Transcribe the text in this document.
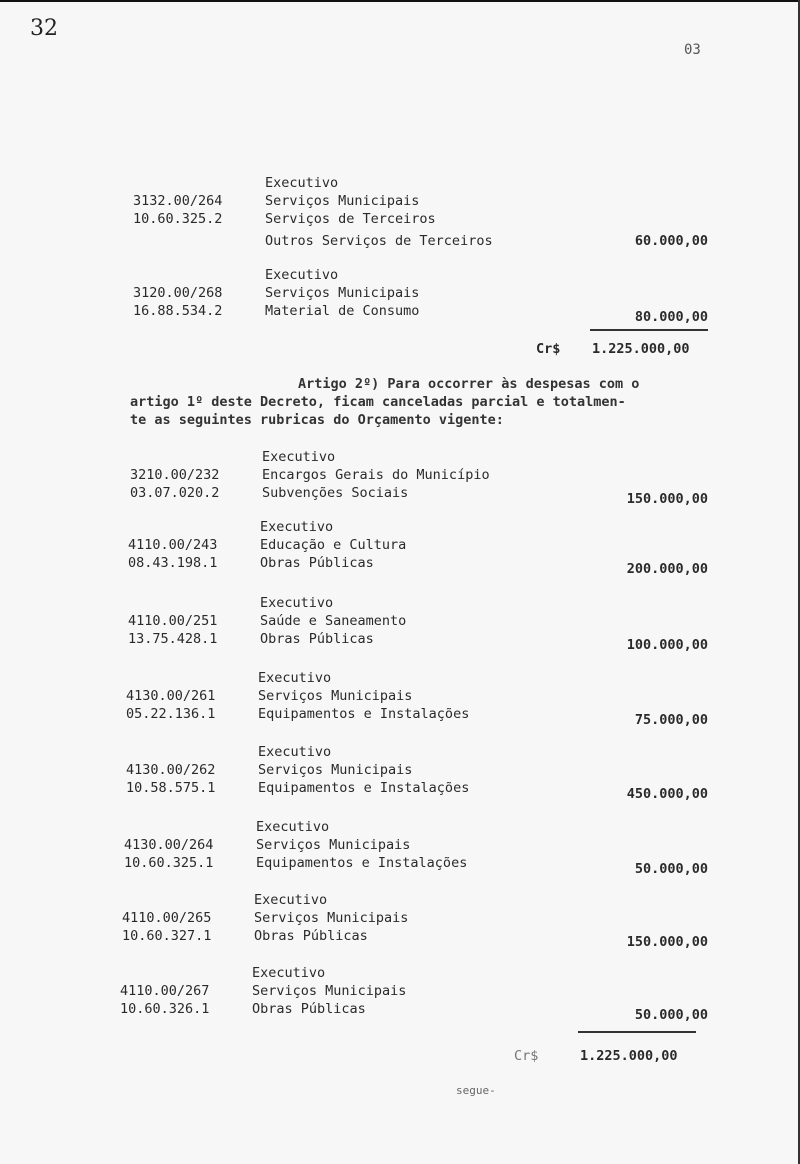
32
03
Executivo
3132.00/264	Serviços Municipais
10.60.325.2	Serviços de Terceiros
Outros Serviços de Terceiros	60.000,00
Executivo
3120.00/268	Serviços Municipais
16.88.534.2	Material de Consumo	80.000,00
Cr$ 1.225.000,00
Artigo 2º) Para occorrer às despesas com o
artigo 1º deste Decreto, ficam canceladas parcial e totalmen-
te as seguintes rubricas do Orçamento vigente:
Executivo
3210.00/232	Encargos Gerais do Município
03.07.020.2	Subvenções Sociais	150.000,00
Executivo
4110.00/243	Educação e Cultura
08.43.198.1	Obras Públicas	200.000,00
Executivo
4110.00/251	Saúde e Saneamento
13.75.428.1	Obras Públicas	100.000,00
Executivo
4130.00/261	Serviços Municipais
05.22.136.1	Equipamentos e Instalações	75.000,00
Executivo
4130.00/262	Serviços Municipais
10.58.575.1	Equipamentos e Instalações	450.000,00
Executivo
4130.00/264	Serviços Municipais
10.60.325.1	Equipamentos e Instalações	50.000,00
Executivo
4110.00/265	Serviços Municipais
10.60.327.1	Obras Públicas	150.000,00
Executivo
4110.00/267	Serviços Municipais
10.60.326.1	Obras Públicas	50.000,00
Cr$	1.225.000,00
segue-
